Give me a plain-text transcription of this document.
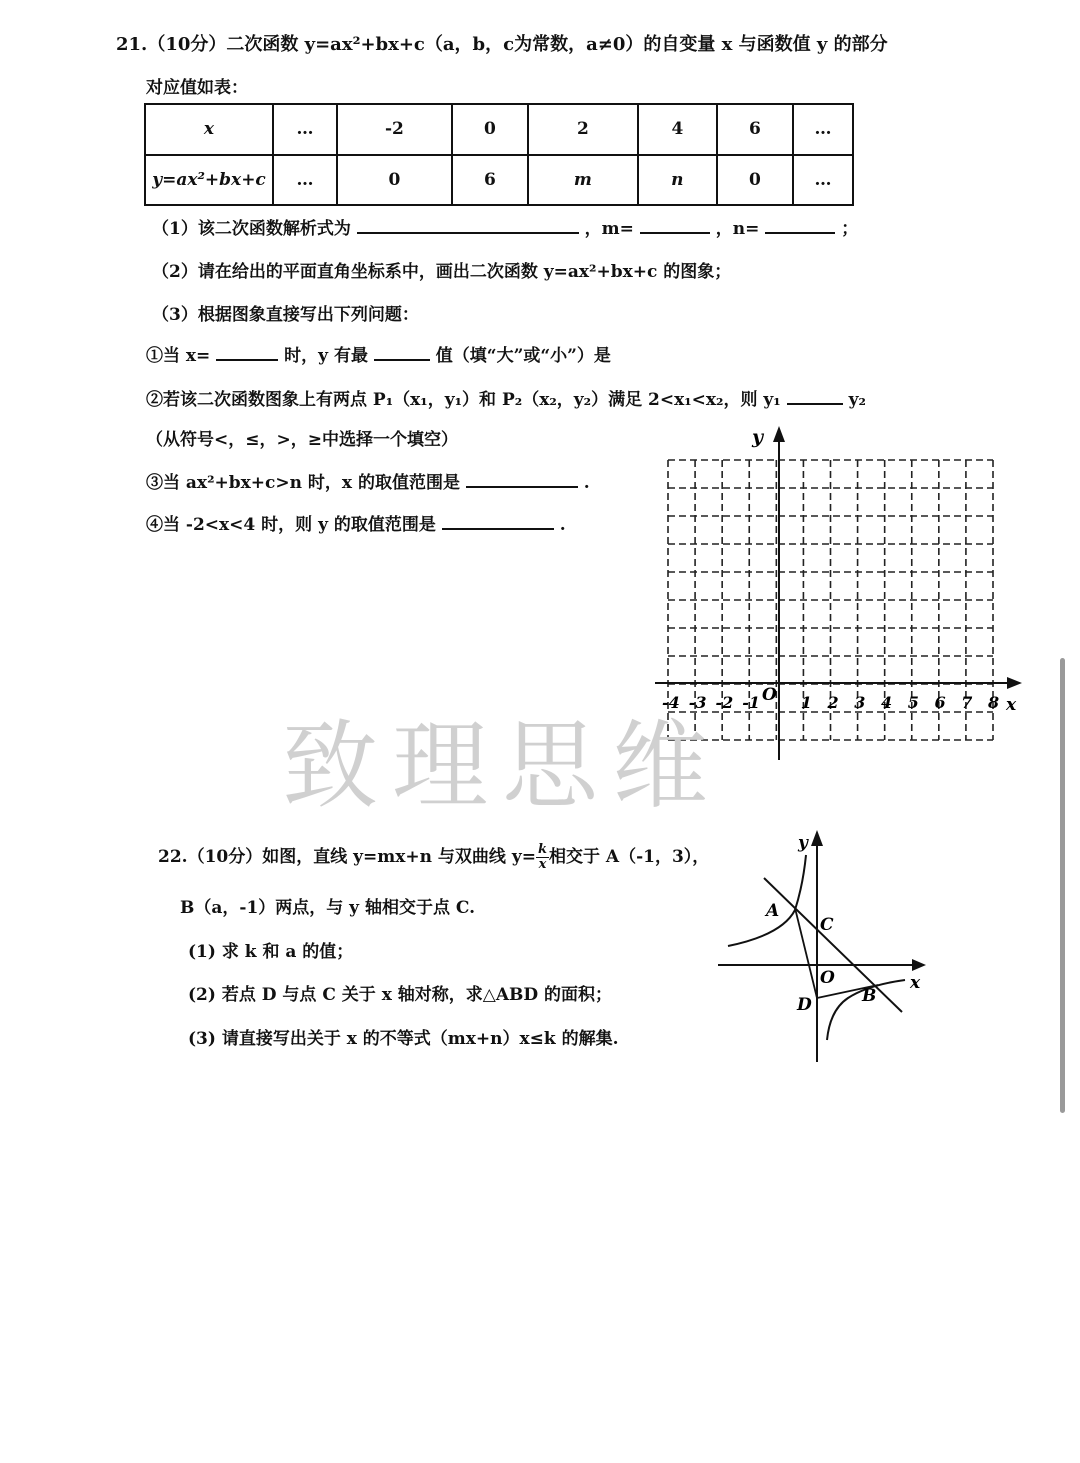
21.（10分）二次函数 y=ax²+bx+c（a，b，c为常数，a≠0）的自变量 x 与函数值 y 的部分
对应值如表：
x	…	-2	0	2	4	6	…
y=ax²+bx+c	…	0	6	m	n	0	…
（1）该二次函数解析式为	，m=	，n=	；
（2）请在给出的平面直角坐标系中，画出二次函数 y=ax²+bx+c 的图象；
（3）根据图象直接写出下列问题：
①当 x=	时，y 有最	值（填“大”或“小”）是
②若该二次函数图象上有两点 P₁（x₁，y₁）和 P₂（x₂，y₂）满足 2<x₁<x₂，则 y₁	y₂
（从符号<，≤，>，≥中选择一个填空）
③当 ax²+bx+c>n 时，x 的取值范围是	.
④当 -2<x<4 时，则 y 的取值范围是	.
y
x
O
-4 -3 -2 -1	1 2 3 4 5 6 7 8
致理思维
22.（10分）如图，直线 y=mx+n 与双曲线 $y= \frac{k}{x}$ 相交于 A（-1，3），
B（a，-1）两点，与 y 轴相交于点 C.
(1) 求 k 和 a 的值；
(2) 若点 D 与点 C 关于 x 轴对称，求△ABD 的面积；
(3) 请直接写出关于 x 的不等式（mx+n）x≤k 的解集.
y
x
A
C
O
D	B
